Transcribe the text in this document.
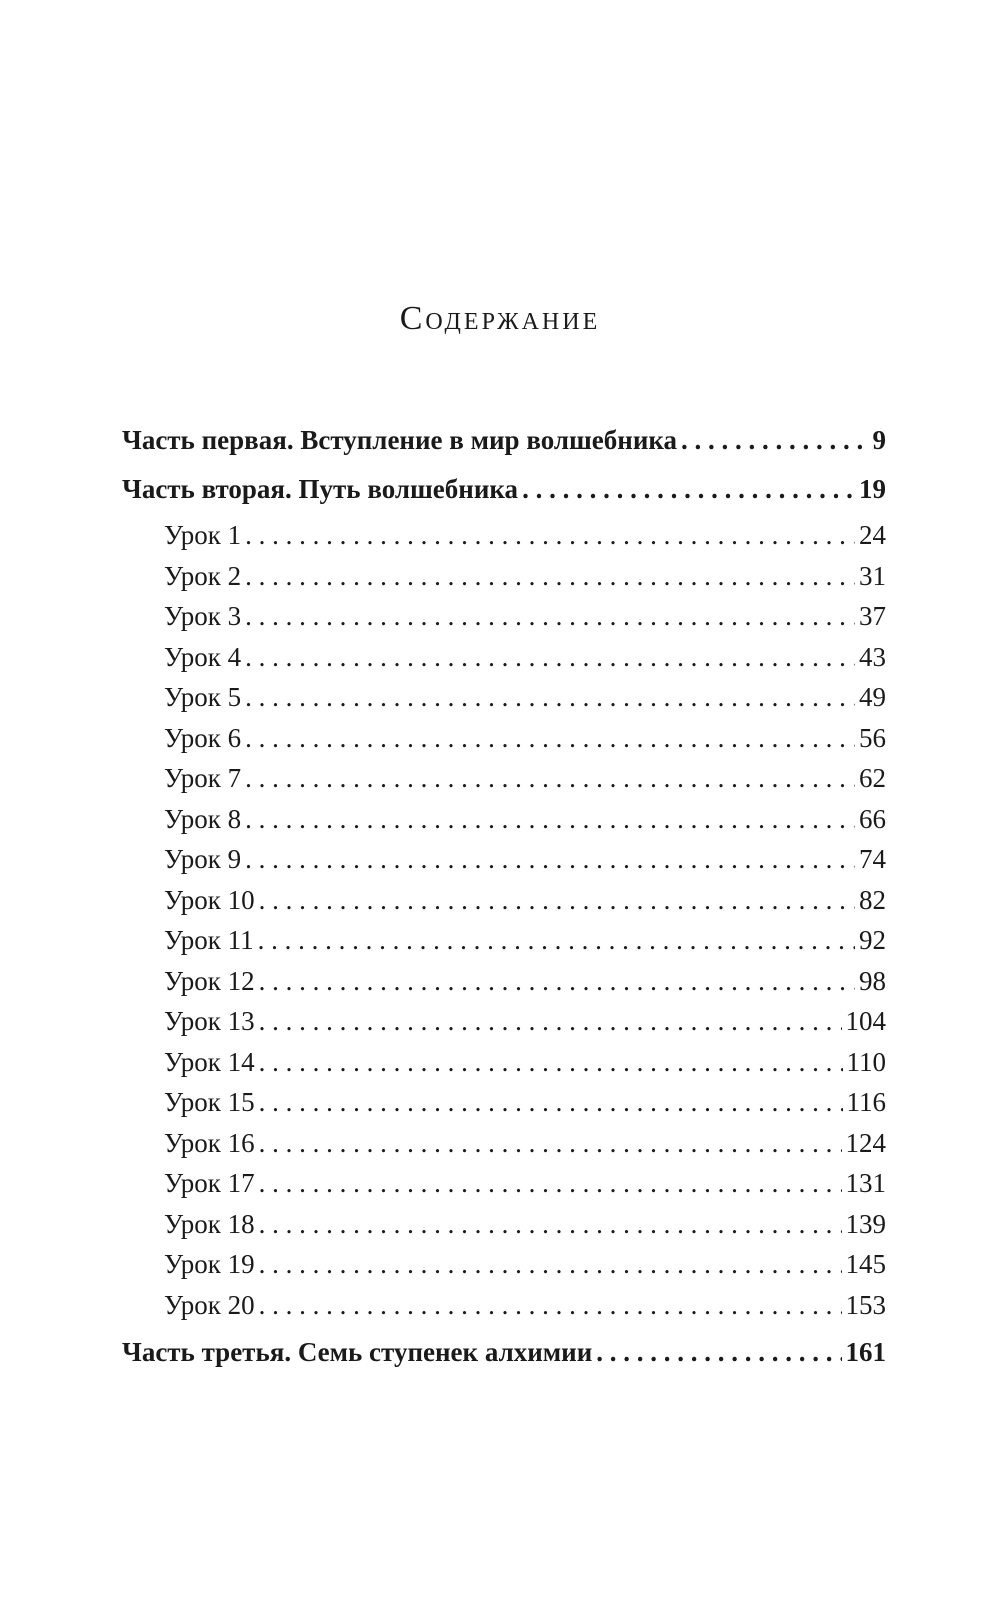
Содержание
Часть первая. Вступление в мир волшебника . . .	9
Часть вторая. Путь волшебника . . .	19
Урок 1 . . .	24
Урок 2 . . .	31
Урок 3 . . .	37
Урок 4 . . .	43
Урок 5 . . .	49
Урок 6 . . .	56
Урок 7 . . .	62
Урок 8 . . .	66
Урок 9 . . .	74
Урок 10 . . .	82
Урок 11 . . .	92
Урок 12 . . .	98
Урок 13 . . .	104
Урок 14 . . .	110
Урок 15 . . .	116
Урок 16 . . .	124
Урок 17 . . .	131
Урок 18 . . .	139
Урок 19 . . .	145
Урок 20 . . .	153
Часть третья. Семь ступенек алхимии . . .	161
